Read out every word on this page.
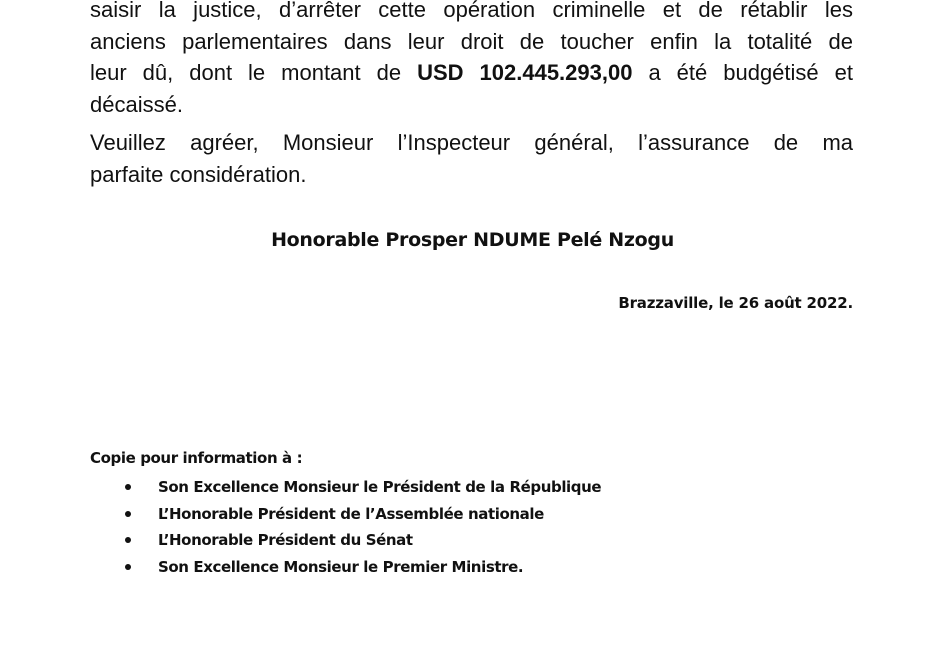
saisir la justice, d’arrêter cette opération criminelle et de rétablir les
anciens parlementaires dans leur droit de toucher enfin la totalité de
leur dû, dont le montant de USD 102.445.293,00 a été budgétisé et
décaissé.
Veuillez agréer, Monsieur l’Inspecteur général, l’assurance de ma
parfaite considération.
Honorable Prosper NDUME Pelé Nzogu
Brazzaville, le 26 août 2022.
Copie pour information à :
Son Excellence Monsieur le Président de la République
L’Honorable Président de l’Assemblée nationale
L’Honorable Président du Sénat
Son Excellence Monsieur le Premier Ministre.
